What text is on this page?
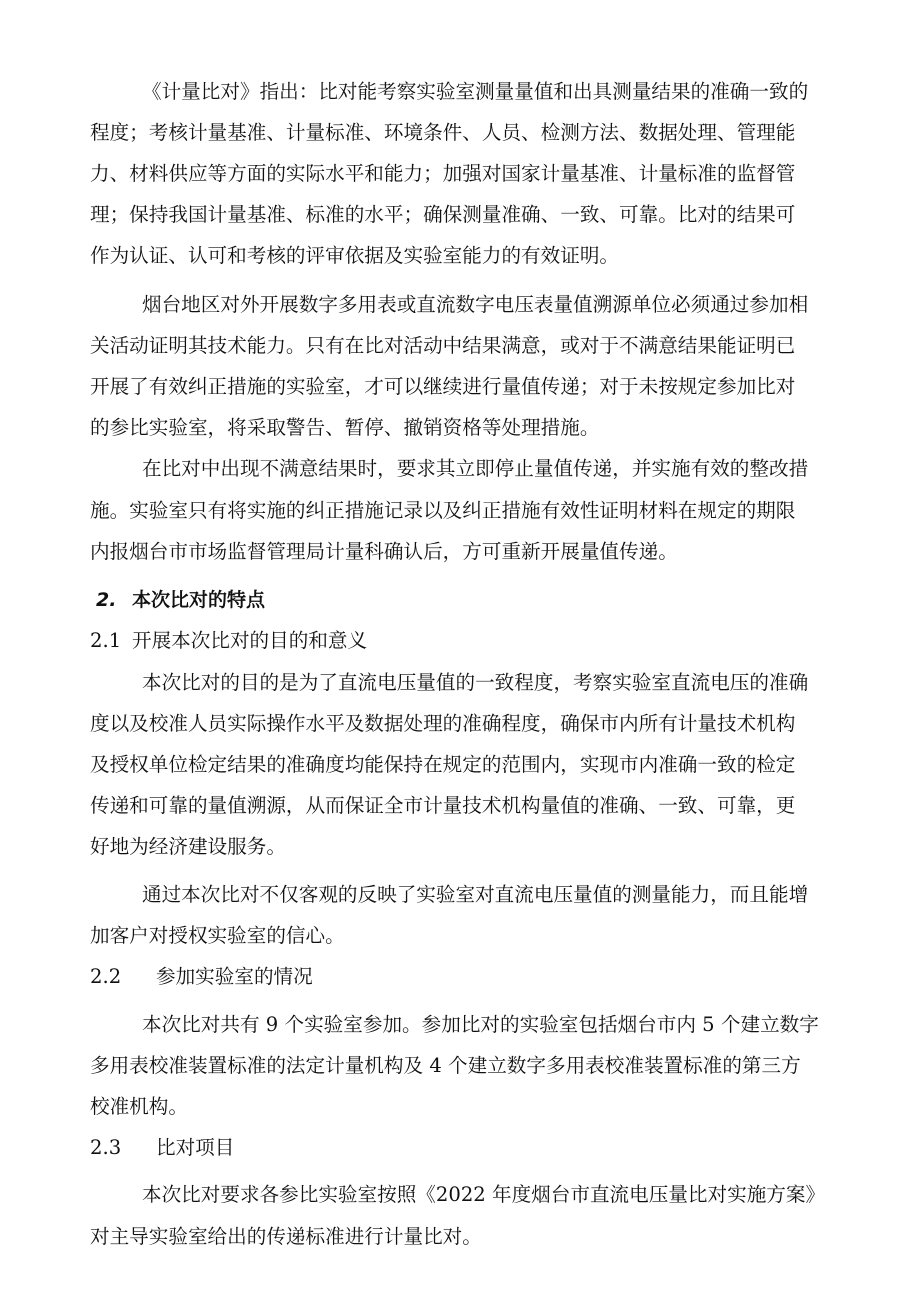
《计量比对》指出：比对能考察实验室测量量值和出具测量结果的准确一致的
程度；考核计量基准、计量标准、环境条件、人员、检测方法、数据处理、管理能
力、材料供应等方面的实际水平和能力；加强对国家计量基准、计量标准的监督管
理；保持我国计量基准、标准的水平；确保测量准确、一致、可靠。比对的结果可
作为认证、认可和考核的评审依据及实验室能力的有效证明。
烟台地区对外开展数字多用表或直流数字电压表量值溯源单位必须通过参加相
关活动证明其技术能力。只有在比对活动中结果满意，或对于不满意结果能证明已
开展了有效纠正措施的实验室，才可以继续进行量值传递；对于未按规定参加比对
的参比实验室，将采取警告、暂停、撤销资格等处理措施。
在比对中出现不满意结果时，要求其立即停止量值传递，并实施有效的整改措
施。实验室只有将实施的纠正措施记录以及纠正措施有效性证明材料在规定的期限
内报烟台市市场监督管理局计量科确认后，方可重新开展量值传递。
2. 本次比对的特点
2.1 开展本次比对的目的和意义
本次比对的目的是为了直流电压量值的一致程度，考察实验室直流电压的准确
度以及校准人员实际操作水平及数据处理的准确程度，确保市内所有计量技术机构
及授权单位检定结果的准确度均能保持在规定的范围内，实现市内准确一致的检定
传递和可靠的量值溯源，从而保证全市计量技术机构量值的准确、一致、可靠，更
好地为经济建设服务。
通过本次比对不仅客观的反映了实验室对直流电压量值的测量能力，而且能增
加客户对授权实验室的信心。
2.2 参加实验室的情况
本次比对共有 9 个实验室参加。参加比对的实验室包括烟台市内 5 个建立数字
多用表校准装置标准的法定计量机构及 4 个建立数字多用表校准装置标准的第三方
校准机构。
2.3 比对项目
本次比对要求各参比实验室按照《2022 年度烟台市直流电压量比对实施方案》
对主导实验室给出的传递标准进行计量比对。
